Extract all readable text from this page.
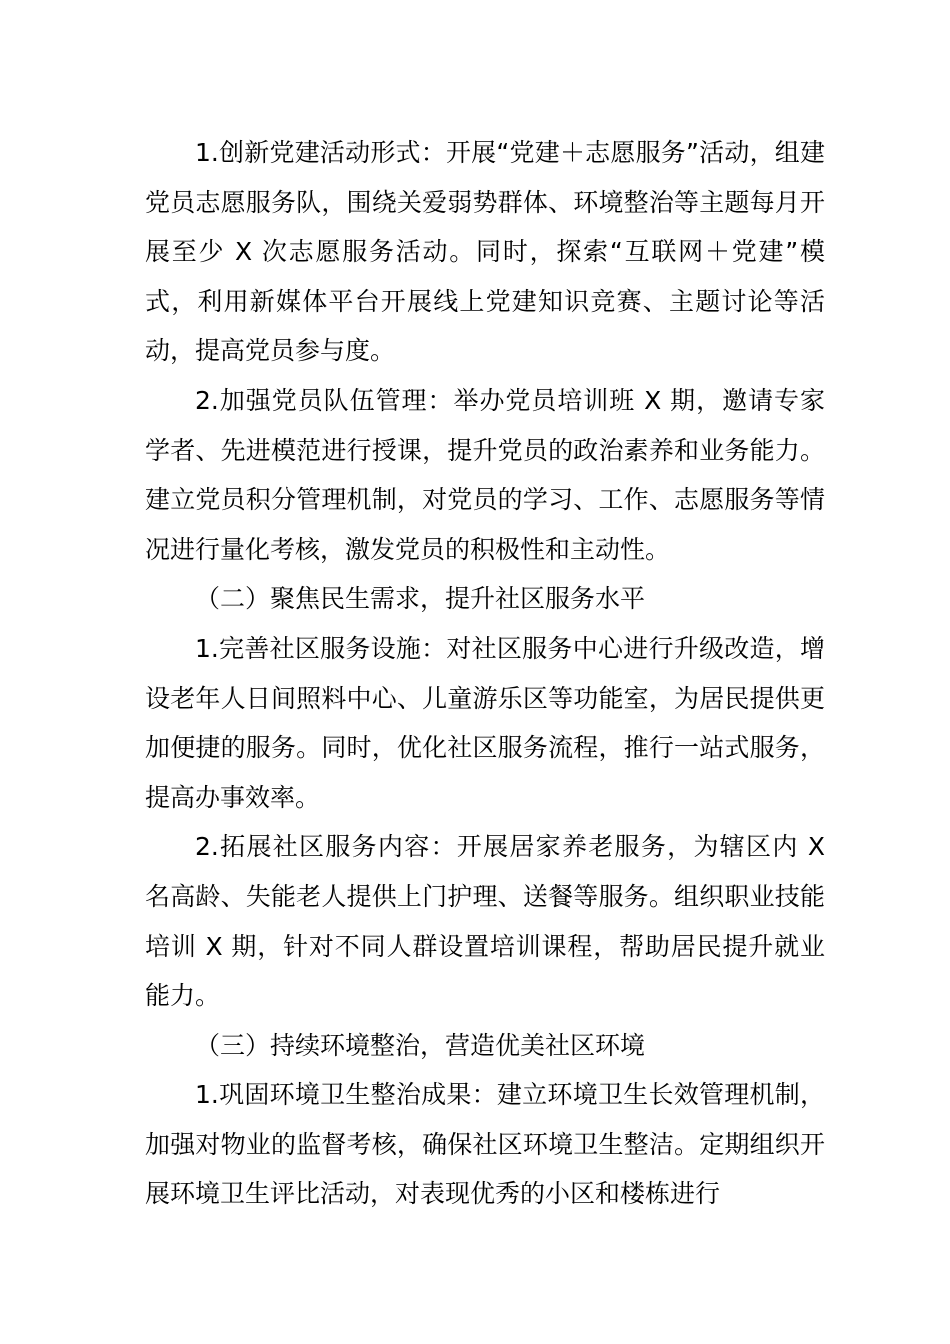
1.创新党建活动形式：开展“党建＋志愿服务”活动，组建党员志愿服务队，围绕关爱弱势群体、环境整治等主题每月开展至少 X 次志愿服务活动。同时，探索“互联网＋党建”模式，利用新媒体平台开展线上党建知识竞赛、主题讨论等活动，提高党员参与度。

2.加强党员队伍管理：举办党员培训班 X 期，邀请专家学者、先进模范进行授课，提升党员的政治素养和业务能力。建立党员积分管理机制，对党员的学习、工作、志愿服务等情况进行量化考核，激发党员的积极性和主动性。

（二）聚焦民生需求，提升社区服务水平

1.完善社区服务设施：对社区服务中心进行升级改造，增设老年人日间照料中心、儿童游乐区等功能室，为居民提供更加便捷的服务。同时，优化社区服务流程，推行一站式服务，提高办事效率。

2.拓展社区服务内容：开展居家养老服务，为辖区内 X 名高龄、失能老人提供上门护理、送餐等服务。组织职业技能培训 X 期，针对不同人群设置培训课程，帮助居民提升就业能力。

（三）持续环境整治，营造优美社区环境

1.巩固环境卫生整治成果：建立环境卫生长效管理机制，加强对物业的监督考核，确保社区环境卫生整洁。定期组织开展环境卫生评比活动，对表现优秀的小区和楼栋进行
